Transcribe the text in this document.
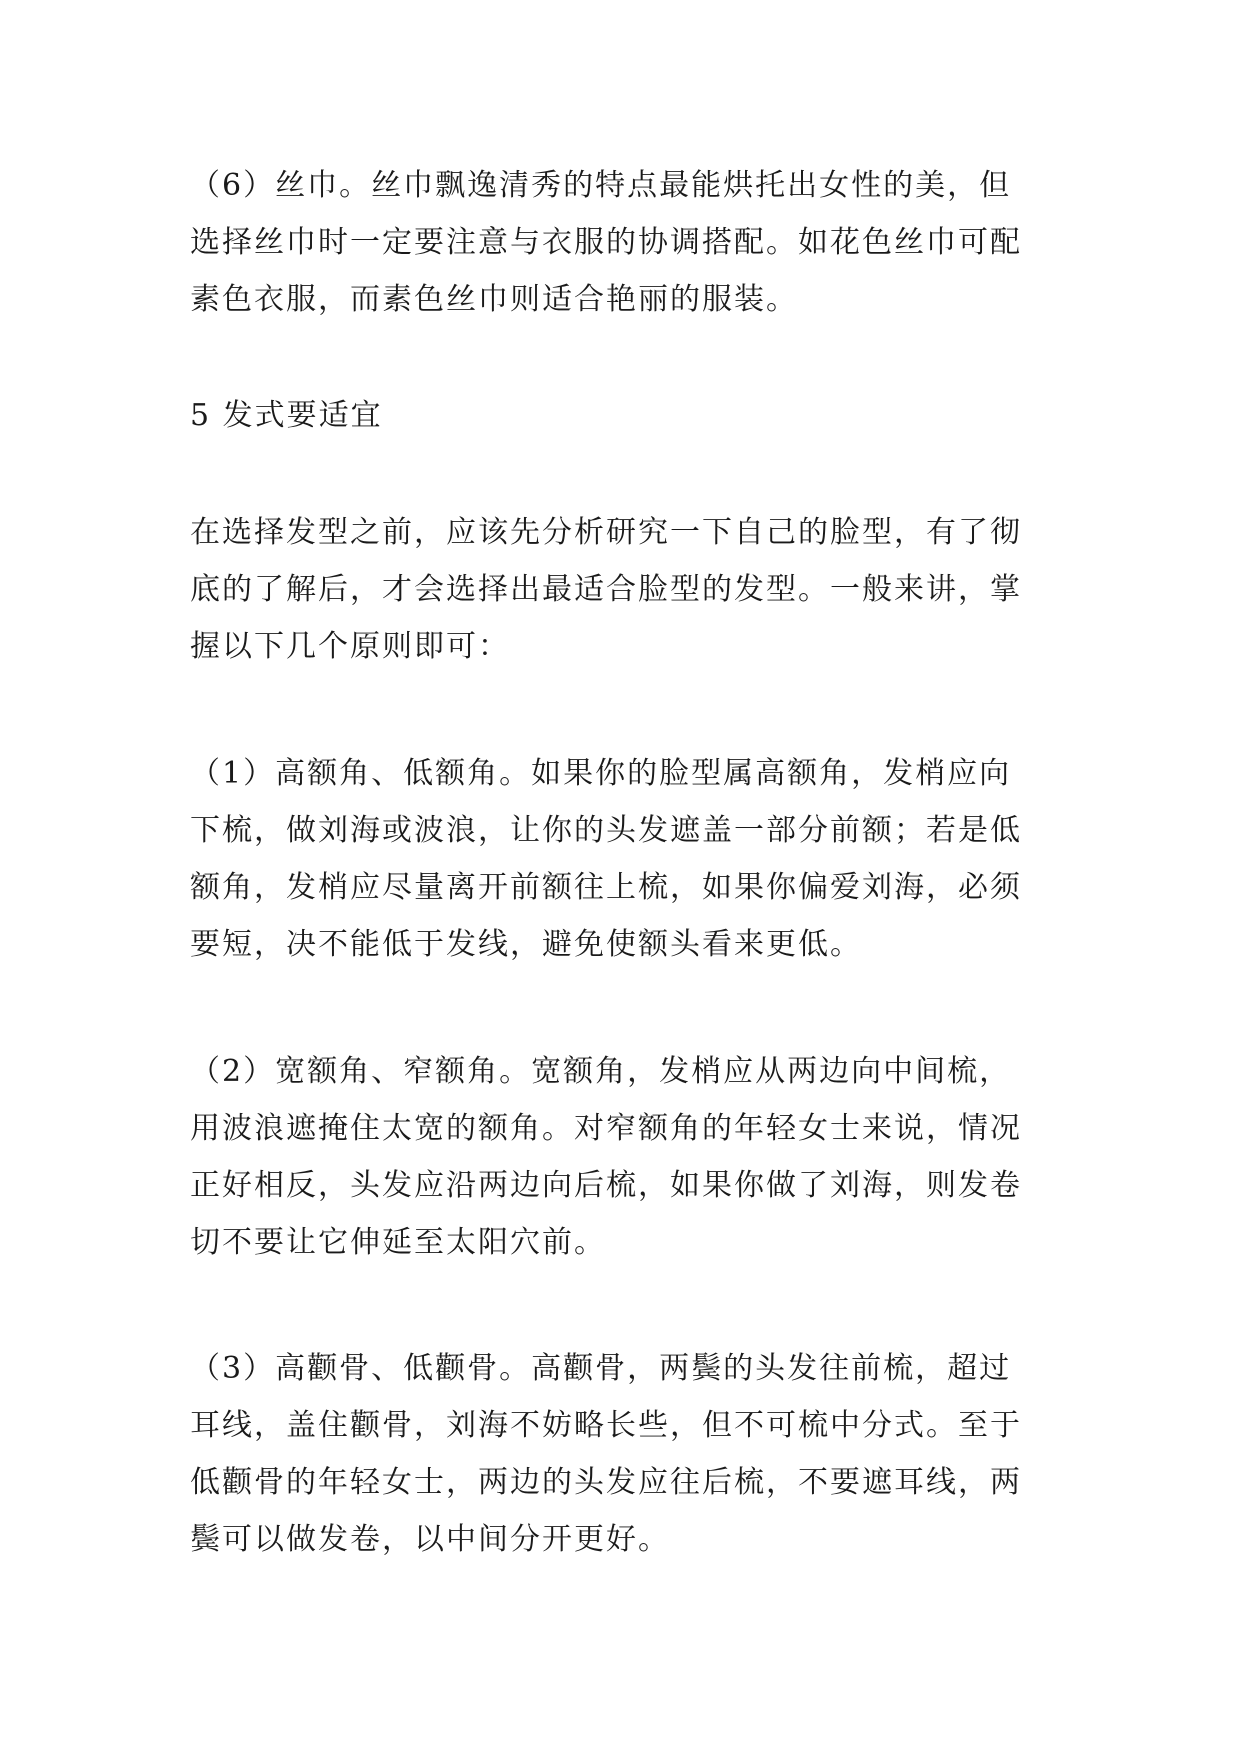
（6）丝巾。丝巾飘逸清秀的特点最能烘托出女性的美，但
选择丝巾时一定要注意与衣服的协调搭配。如花色丝巾可配
素色衣服，而素色丝巾则适合艳丽的服装。
5 发式要适宜
在选择发型之前，应该先分析研究一下自己的脸型，有了彻
底的了解后，才会选择出最适合脸型的发型。一般来讲，掌
握以下几个原则即可：
（1）高额角、低额角。如果你的脸型属高额角，发梢应向
下梳，做刘海或波浪，让你的头发遮盖一部分前额；若是低
额角，发梢应尽量离开前额往上梳，如果你偏爱刘海，必须
要短，决不能低于发线，避免使额头看来更低。
（2）宽额角、窄额角。宽额角，发梢应从两边向中间梳，
用波浪遮掩住太宽的额角。对窄额角的年轻女士来说，情况
正好相反，头发应沿两边向后梳，如果你做了刘海，则发卷
切不要让它伸延至太阳穴前。
（3）高颧骨、低颧骨。高颧骨，两鬓的头发往前梳，超过
耳线，盖住颧骨，刘海不妨略长些，但不可梳中分式。至于
低颧骨的年轻女士，两边的头发应往后梳，不要遮耳线，两
鬓可以做发卷，以中间分开更好。
